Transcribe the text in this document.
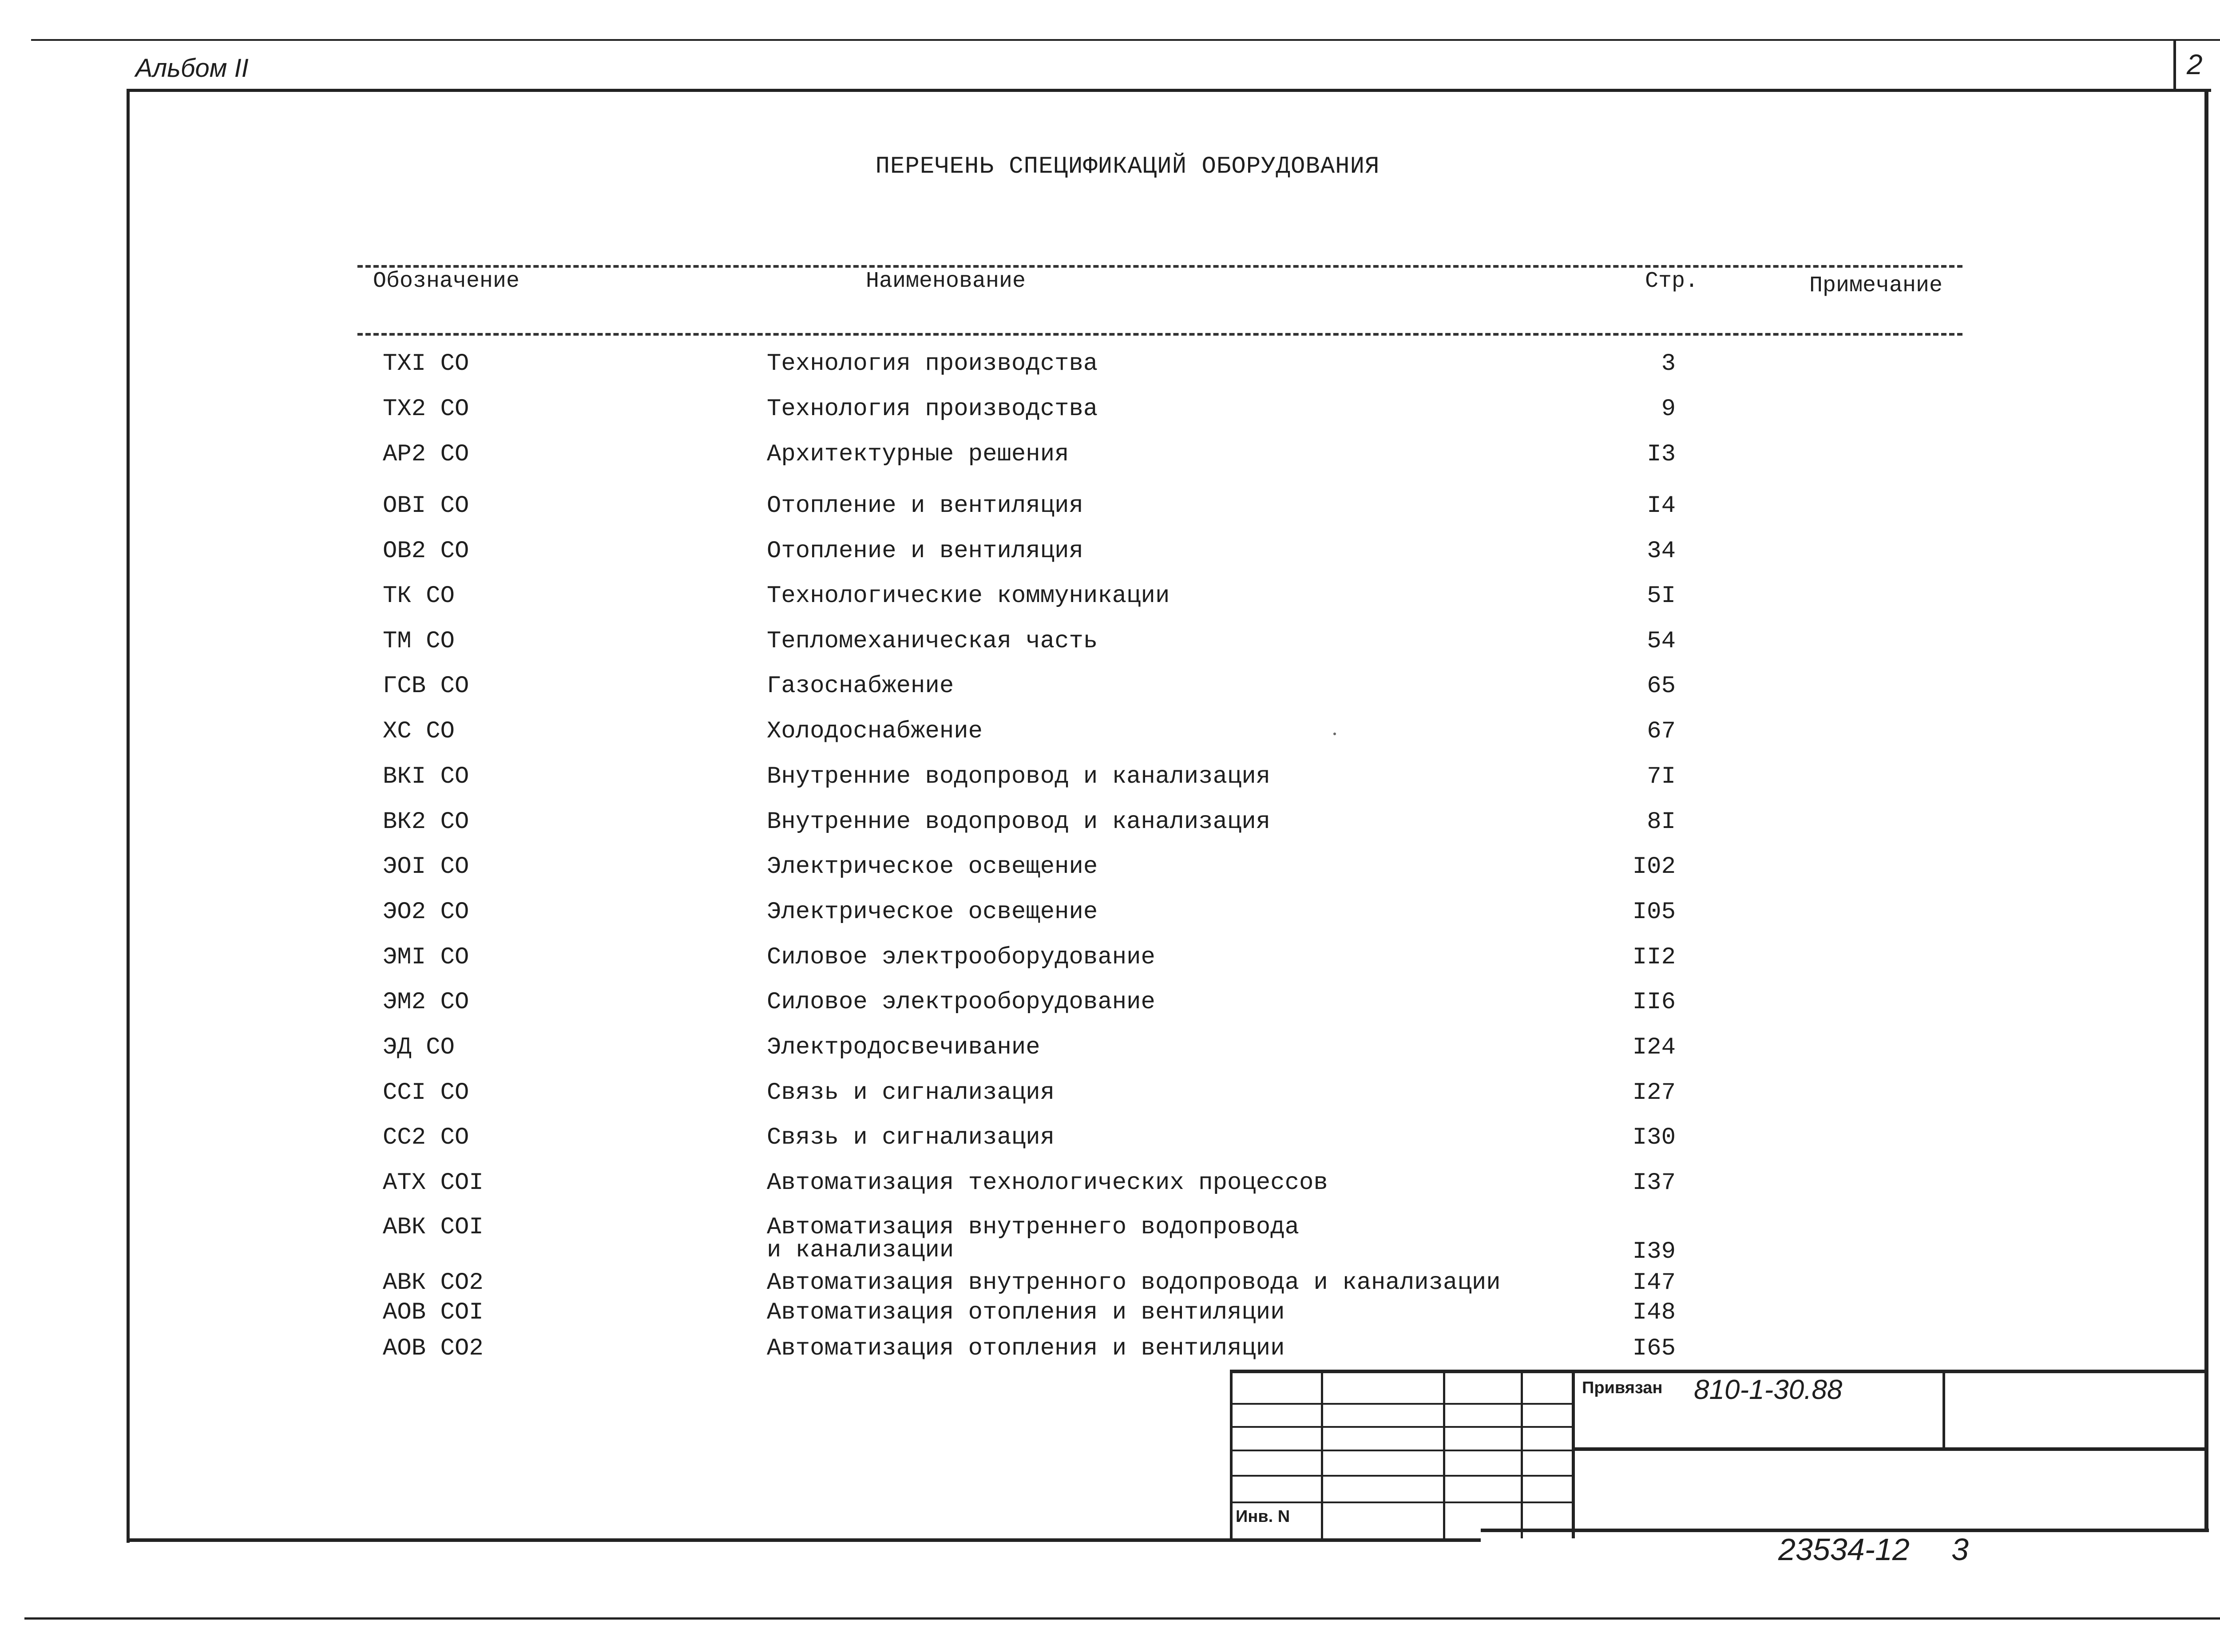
2
Альбом II
ПЕРЕЧЕНЬ СПЕЦИФИКАЦИЙ ОБОРУДОВАНИЯ
Обозначение	Наименование	Стр.	Примечание
ТХI СО	Технология производства	3
ТХ2 СО	Технология производства	9
АР2 СО	Архитектурные решения	I3
ОВI СО	Отопление и вентиляция	I4
ОВ2 СО	Отопление и вентиляция	34
ТК СО	Технологические коммуникации	5I
ТМ СО	Тепломеханическая часть	54
ГСВ СО	Газоснабжение	65
ХС СО	Холодоснабжение	67
ВКI СО	Внутренние водопровод и канализация	7I
ВК2 СО	Внутренние водопровод и канализация	8I
ЭОI СО	Электрическое освещение	I02
ЭО2 СО	Электрическое освещение	I05
ЭМI СО	Силовое электрооборудование	II2
ЭМ2 СО	Силовое электрооборудование	II6
ЭД СО	Электродосвечивание	I24
ССI СО	Связь и сигнализация	I27
СС2 СО	Связь и сигнализация	I30
АТХ СОI	Автоматизация технологических процессов	I37
АВК СОI	Автоматизация внутреннего водопровода
и канализации	I39
АВК СО2	Автоматизация внутренного водопровода и канализации	I47
АОВ СОI	Автоматизация отопления и вентиляции	I48
АОВ СО2	Автоматизация отопления и вентиляции	I65
Привязан 810-1-30.88
Инв. N
23534-12 3
